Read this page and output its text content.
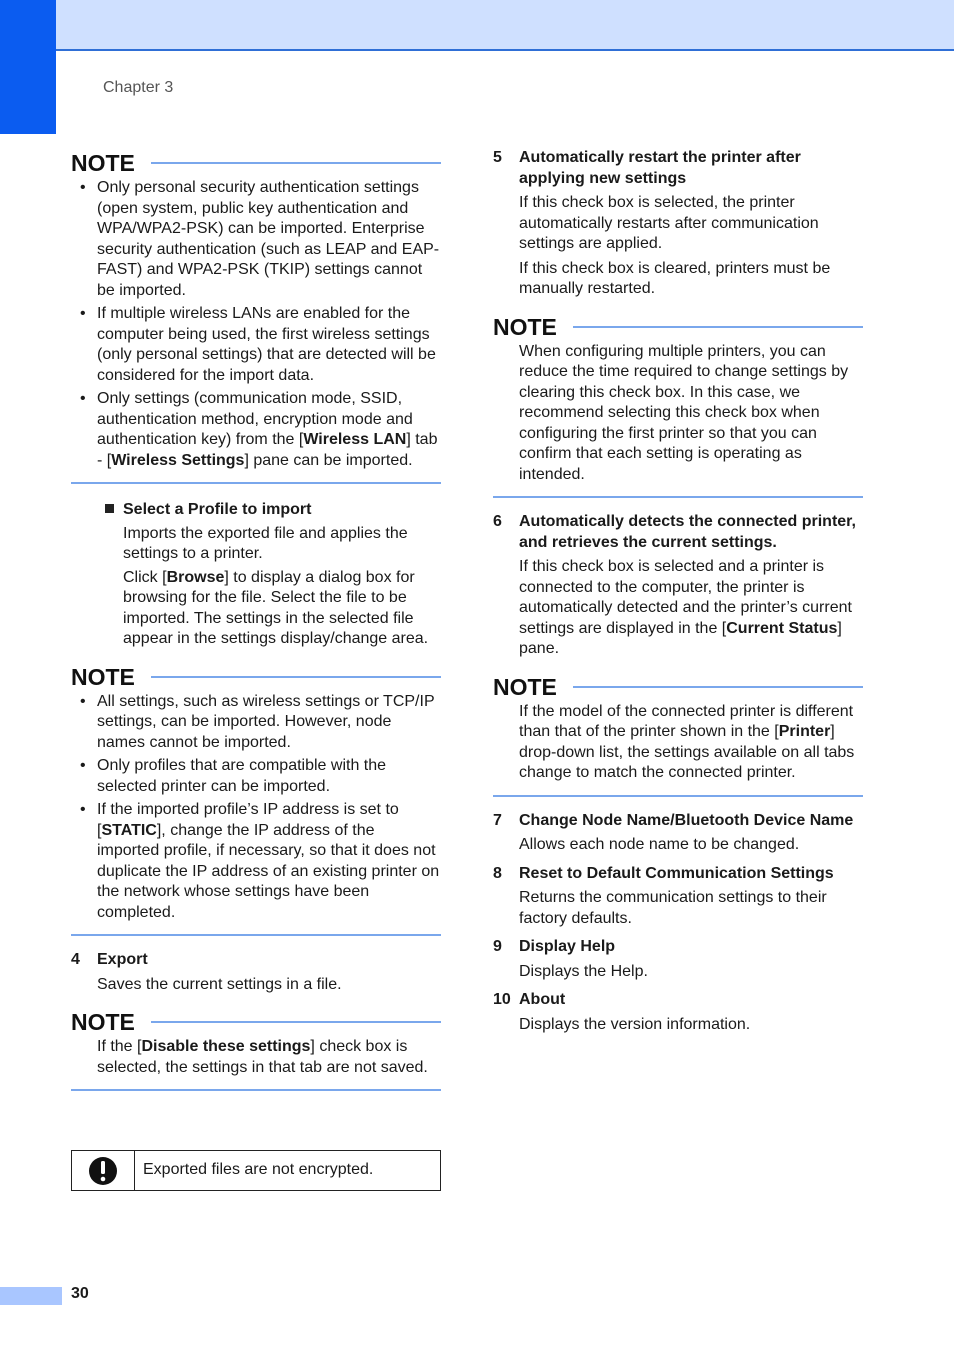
Chapter 3
NOTE
• Only personal security authentication settings (open system, public key authentication and WPA/WPA2-PSK) can be imported. Enterprise security authentication (such as LEAP and EAP-FAST) and WPA2-PSK (TKIP) settings cannot be imported.
• If multiple wireless LANs are enabled for the computer being used, the first wireless settings (only personal settings) that are detected will be considered for the import data.
• Only settings (communication mode, SSID, authentication method, encryption mode and authentication key) from the [Wireless LAN] tab - [Wireless Settings] pane can be imported.
Select a Profile to import

Imports the exported file and applies the settings to a printer.

Click [Browse] to display a dialog box for browsing for the file. Select the file to be imported. The settings in the selected file appear in the settings display/change area.

NOTE
• All settings, such as wireless settings or TCP/IP settings, can be imported. However, node names cannot be imported.
• Only profiles that are compatible with the selected printer can be imported.
• If the imported profile’s IP address is set to [STATIC], change the IP address of the imported profile, if necessary, so that it does not duplicate the IP address of an existing printer on the network whose settings have been completed.
4	Export

Saves the current settings in a file.

NOTE

If the [Disable these settings] check box is selected, the settings in that tab are not saved.

Exported files are not encrypted.
5	Automatically restart the printer after applying new settings

If this check box is selected, the printer automatically restarts after communication settings are applied.

If this check box is cleared, printers must be manually restarted.

NOTE

When configuring multiple printers, you can reduce the time required to change settings by clearing this check box. In this case, we recommend selecting this check box when configuring the first printer so that you can confirm that each setting is operating as intended.

6	Automatically detects the connected printer, and retrieves the current settings.

If this check box is selected and a printer is connected to the computer, the printer is automatically detected and the printer’s current settings are displayed in the [Current Status] pane.

NOTE

If the model of the connected printer is different than that of the printer shown in the [Printer] drop-down list, the settings available on all tabs change to match the connected printer.

7	Change Node Name/Bluetooth Device Name

Allows each node name to be changed.

8	Reset to Default Communication Settings

Returns the communication settings to their factory defaults.

9	Display Help

Displays the Help.

10 About

Displays the version information.

30
